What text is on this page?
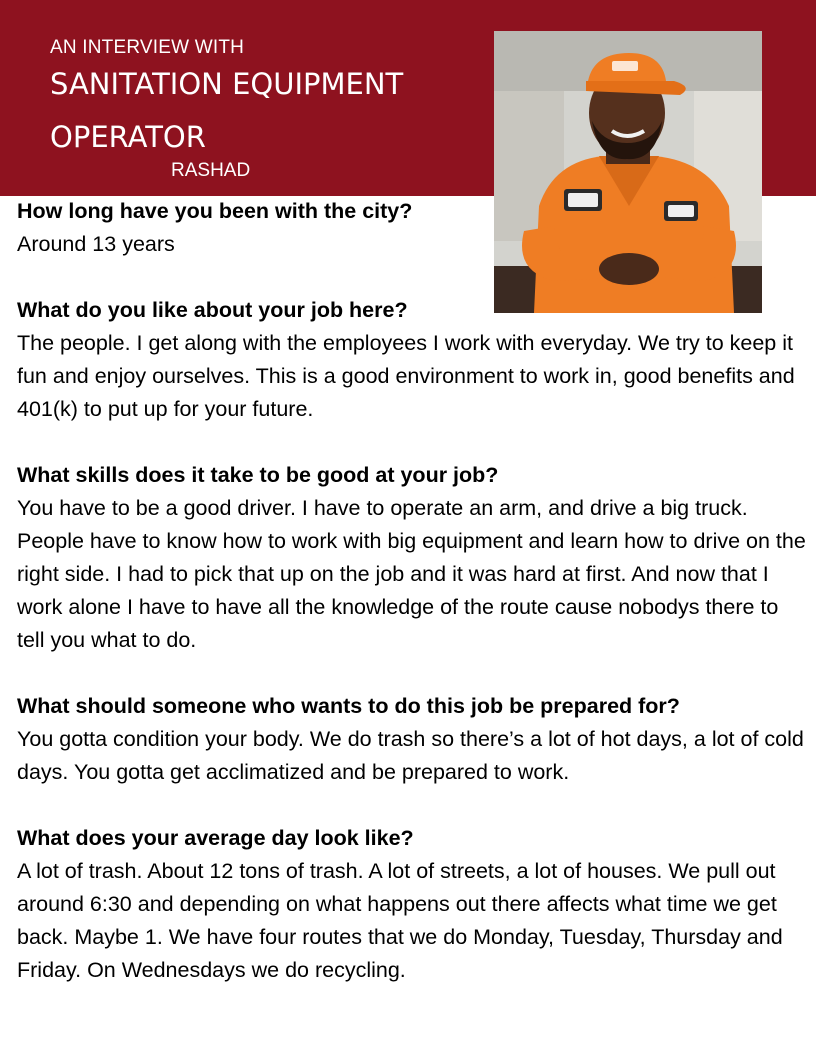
AN INTERVIEW WITH
SANITATION EQUIPMENT OPERATOR
RASHAD
How long have you been with the city?
Around 13 years
What do you like about your job here?
The people. I get along with the employees I work with everyday. We try to keep it fun and enjoy ourselves. This is a good environment to work in, good benefits and 401(k) to put up for your future.
What skills does it take to be good at your job?
You have to be a good driver. I have to operate an arm, and drive a big truck. People have to know how to work with big equipment and learn how to drive on the right side. I had to pick that up on the job and it was hard at first. And now that I work alone I have to have all the knowledge of the route cause nobodys there to tell you what to do.
What should someone who wants to do this job be prepared for?
You gotta condition your body. We do trash so there’s a lot of hot days, a lot of cold days. You gotta get acclimatized and be prepared to work.
What does your average day look like?
A lot of trash. About 12 tons of trash. A lot of streets, a lot of houses. We pull out around 6:30 and depending on what happens out there affects what time we get back. Maybe 1. We have four routes that we do Monday, Tuesday, Thursday and Friday. On Wednesdays we do recycling.
